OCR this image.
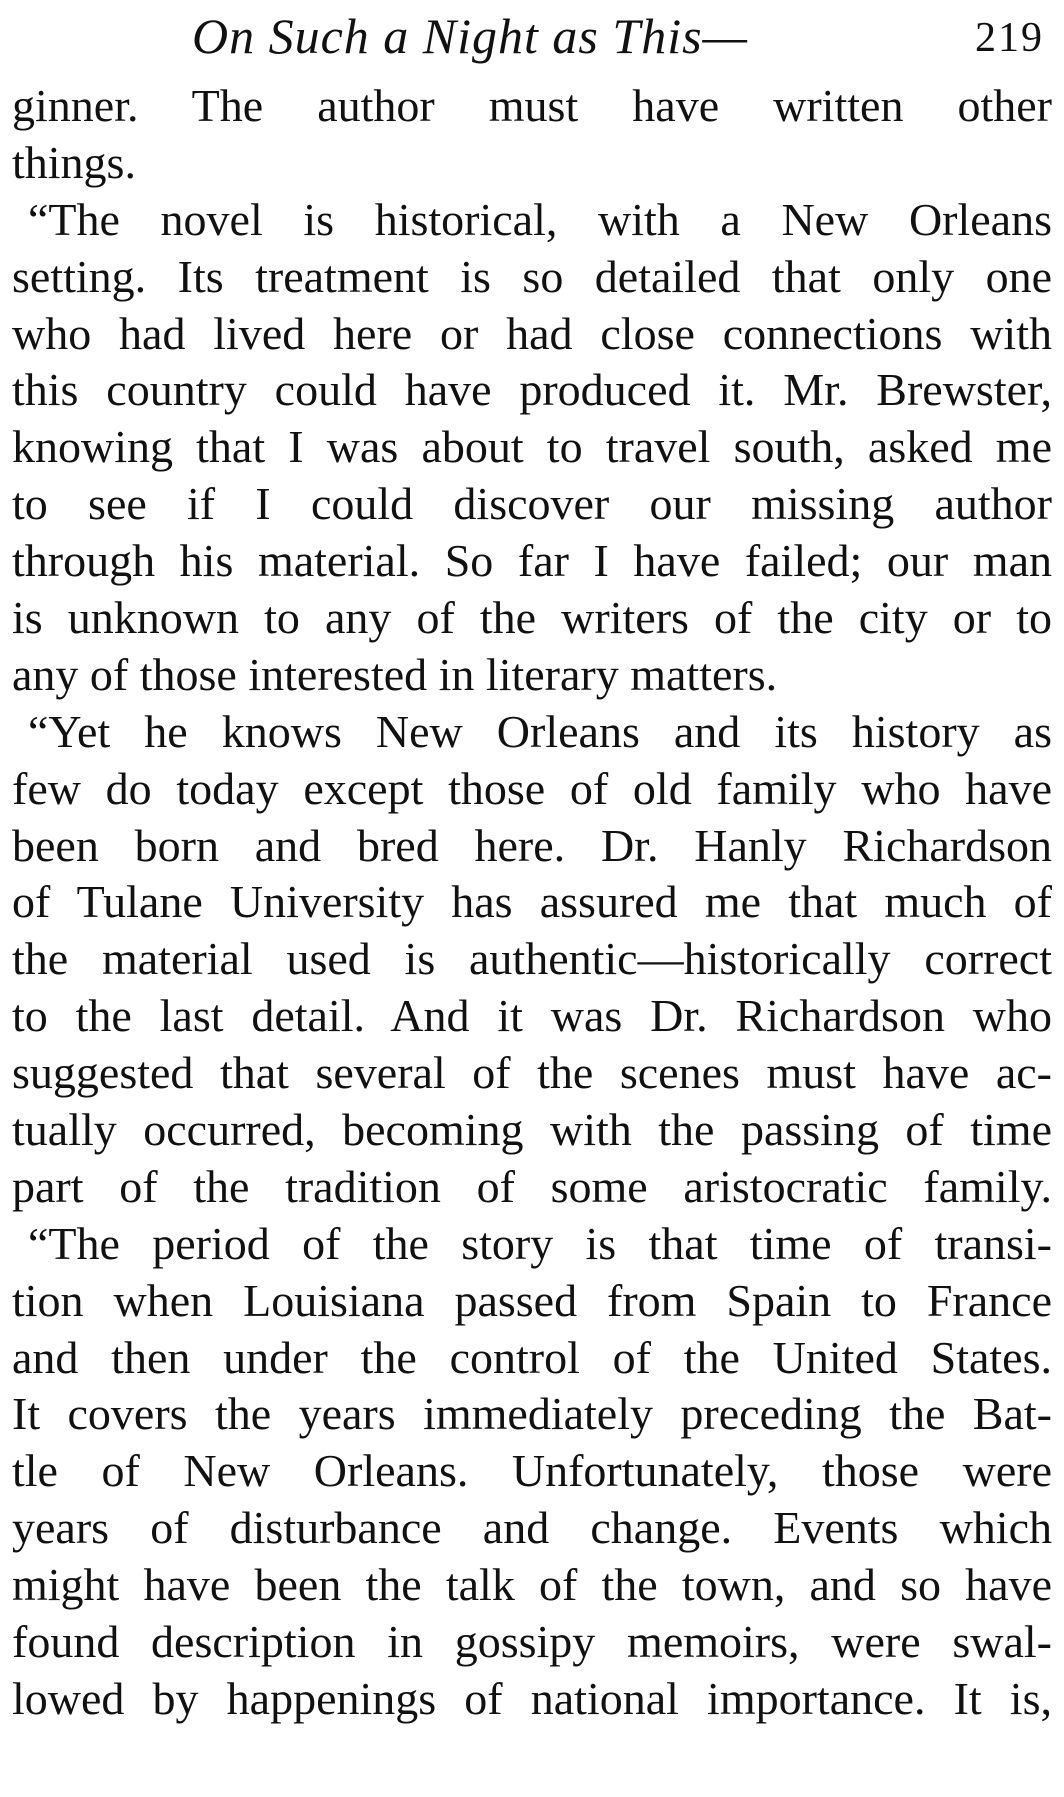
On Such a Night as This—	219
ginner. The author must have written other
things.
“The novel is historical, with a New Orleans
setting. Its treatment is so detailed that only one
who had lived here or had close connections with
this country could have produced it. Mr. Brewster,
knowing that I was about to travel south, asked me
to see if I could discover our missing author
through his material. So far I have failed; our man
is unknown to any of the writers of the city or to
any of those interested in literary matters.
“Yet he knows New Orleans and its history as
few do today except those of old family who have
been born and bred here. Dr. Hanly Richardson
of Tulane University has assured me that much of
the material used is authentic—historically correct
to the last detail. And it was Dr. Richardson who
suggested that several of the scenes must have ac-
tually occurred, becoming with the passing of time
part of the tradition of some aristocratic family.
“The period of the story is that time of transi-
tion when Louisiana passed from Spain to France
and then under the control of the United States.
It covers the years immediately preceding the Bat-
tle of New Orleans. Unfortunately, those were
years of disturbance and change. Events which
might have been the talk of the town, and so have
found description in gossipy memoirs, were swal-
lowed by happenings of national importance. It is,
